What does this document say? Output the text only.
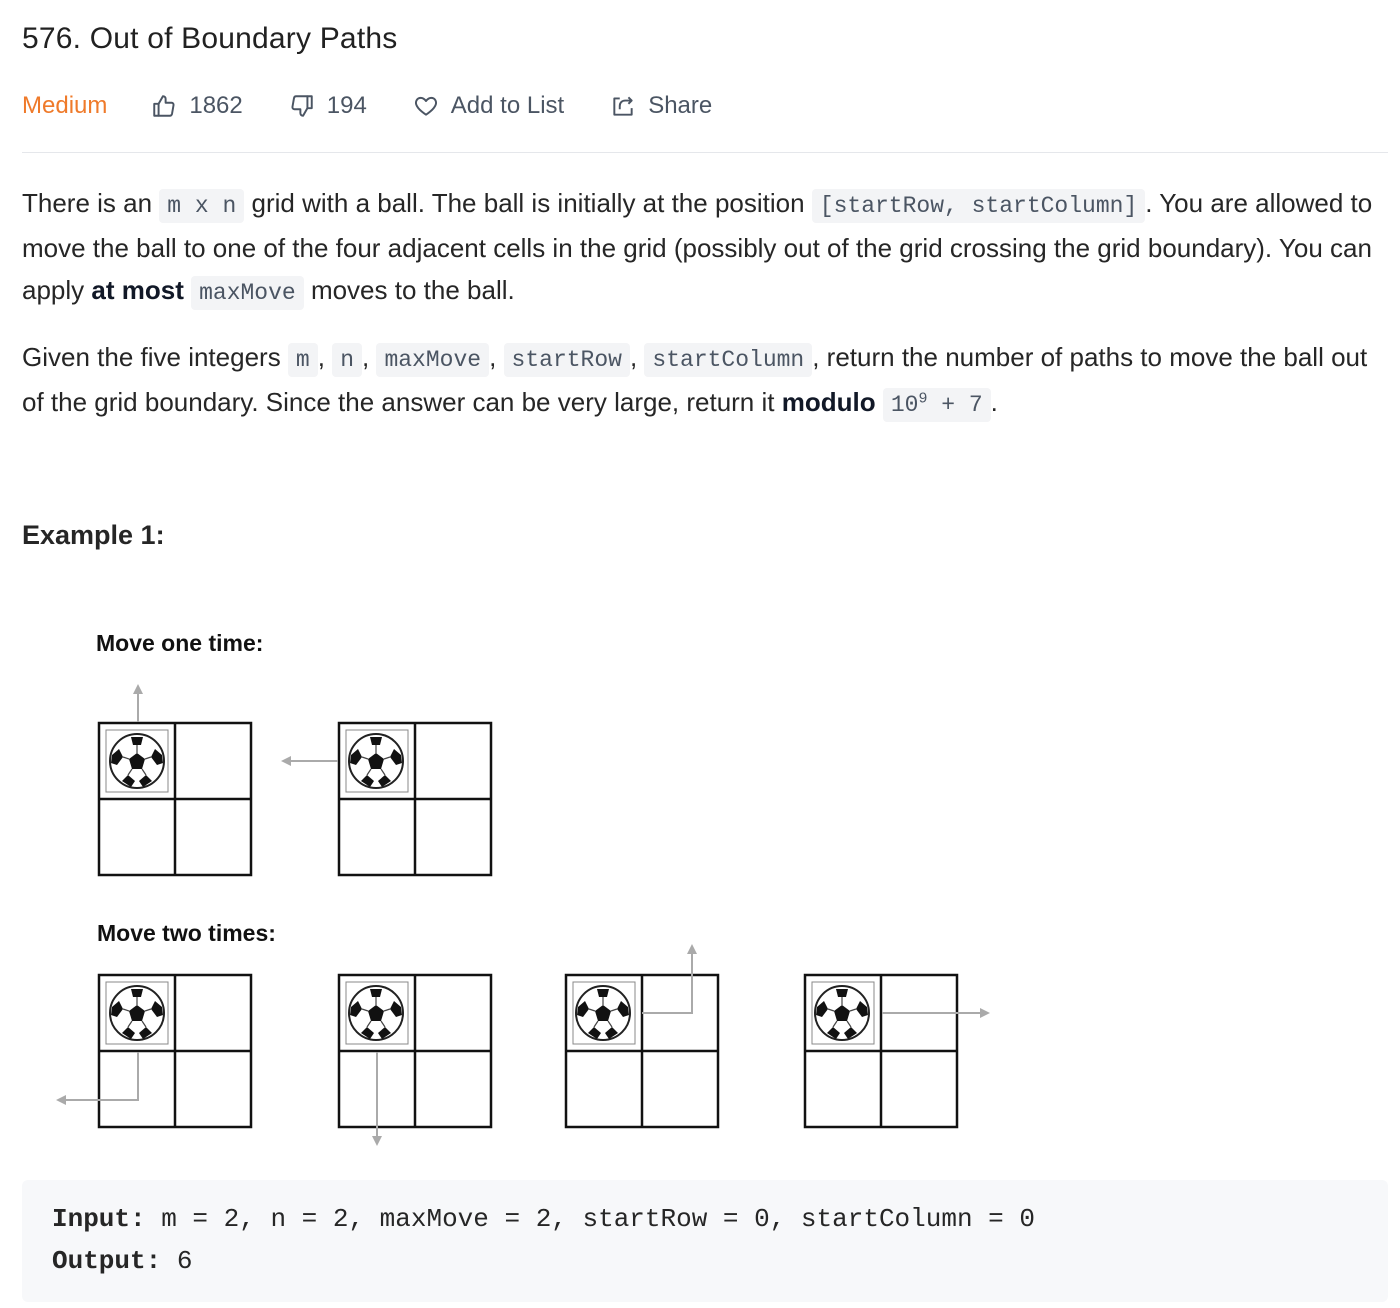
576. Out of Boundary Paths
Medium	1862	194	Add to List	Share
There is an m x n grid with a ball. The ball is initially at the position [startRow, startColumn] . You are allowed to move the ball to one of the four adjacent cells in the grid (possibly out of the grid crossing the grid boundary). You can apply at most maxMove moves to the ball.
Given the five integers m , n , maxMove , startRow , startColumn , return the number of paths to move the ball out of the grid boundary. Since the answer can be very large, return it modulo $10^9 + 7$ .
Example 1:
Move one time:
Move two times:
Input: m = 2, n = 2, maxMove = 2, startRow = 0, startColumn = 0
Output: 6
